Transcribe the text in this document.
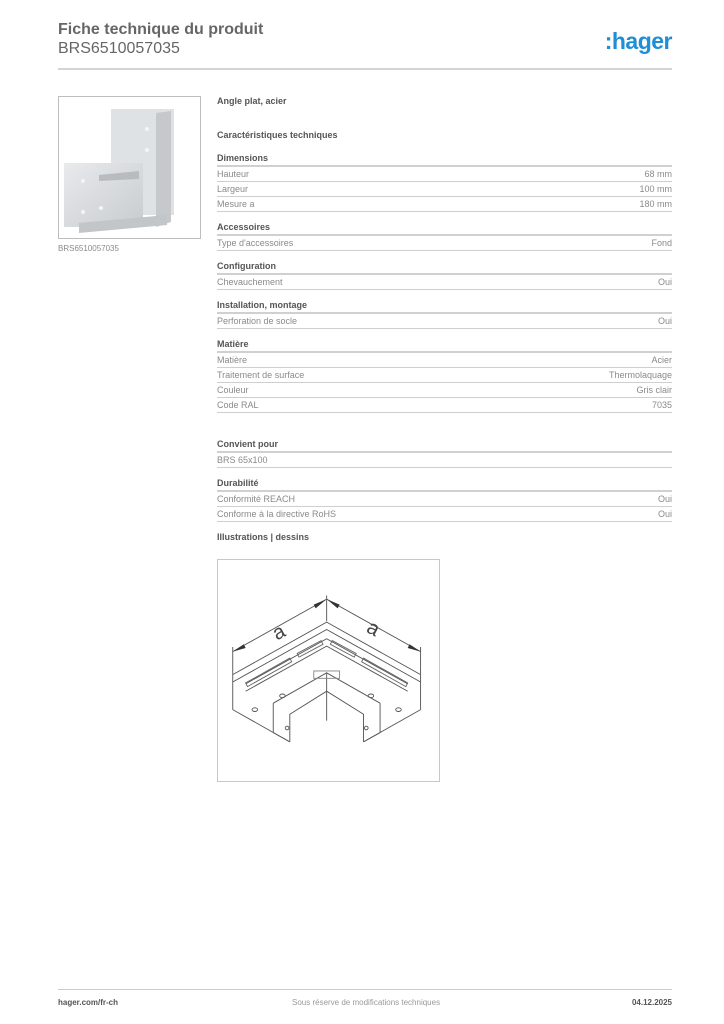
Fiche technique du produit
BRS6510057035	:hager
BRS6510057035
Angle plat, acier
Caractéristiques techniques
Dimensions
Hauteur	68 mm
Largeur	100 mm
Mesure a	180 mm
Accessoires
Type d'accessoires	Fond
Configuration
Chevauchement	Oui
Installation, montage
Perforation de socle	Oui
Matière
Matière	Acier
Traitement de surface	Thermolaquage
Couleur	Gris clair
Code RAL	7035
Convient pour
BRS 65x100
Durabilité
Conformité REACH	Oui
Conforme à la directive RoHS	Oui
Illustrations | dessins
a	a
hager.com/fr-ch	Sous réserve de modifications techniques	04.12.2025
